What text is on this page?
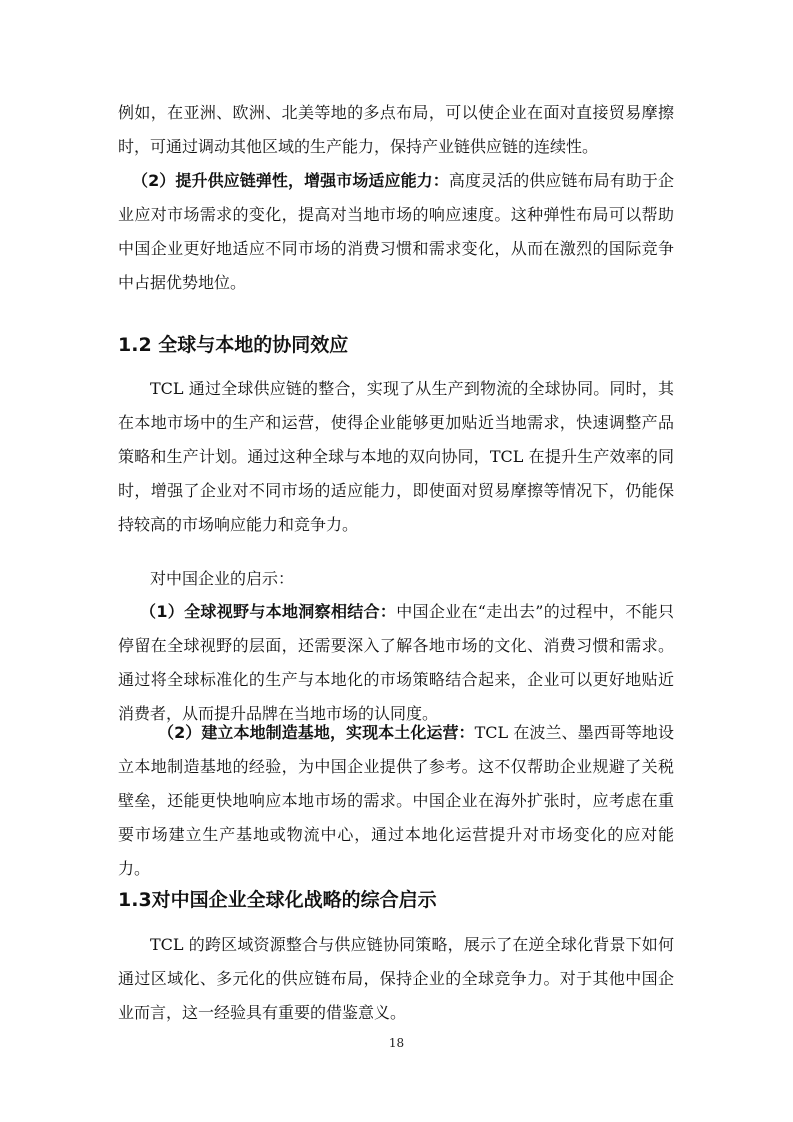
例如，在亚洲、欧洲、北美等地的多点布局，可以使企业在面对直接贸易摩擦时，可通过调动其他区域的生产能力，保持产业链供应链的连续性。

（2）提升供应链弹性，增强市场适应能力：高度灵活的供应链布局有助于企业应对市场需求的变化，提高对当地市场的响应速度。这种弹性布局可以帮助中国企业更好地适应不同市场的消费习惯和需求变化，从而在激烈的国际竞争中占据优势地位。

1.2 全球与本地的协同效应

TCL 通过全球供应链的整合，实现了从生产到物流的全球协同。同时，其在本地市场中的生产和运营，使得企业能够更加贴近当地需求，快速调整产品策略和生产计划。通过这种全球与本地的双向协同，TCL 在提升生产效率的同时，增强了企业对不同市场的适应能力，即使面对贸易摩擦等情况下，仍能保持较高的市场响应能力和竞争力。

对中国企业的启示：

（1）全球视野与本地洞察相结合：中国企业在“走出去”的过程中，不能只停留在全球视野的层面，还需要深入了解各地市场的文化、消费习惯和需求。通过将全球标准化的生产与本地化的市场策略结合起来，企业可以更好地贴近消费者，从而提升品牌在当地市场的认同度。

（2）建立本地制造基地，实现本土化运营：TCL 在波兰、墨西哥等地设立本地制造基地的经验，为中国企业提供了参考。这不仅帮助企业规避了关税壁垒，还能更快地响应本地市场的需求。中国企业在海外扩张时，应考虑在重要市场建立生产基地或物流中心，通过本地化运营提升对市场变化的应对能力。

1.3对中国企业全球化战略的综合启示

TCL 的跨区域资源整合与供应链协同策略，展示了在逆全球化背景下如何通过区域化、多元化的供应链布局，保持企业的全球竞争力。对于其他中国企业而言，这一经验具有重要的借鉴意义。

18
